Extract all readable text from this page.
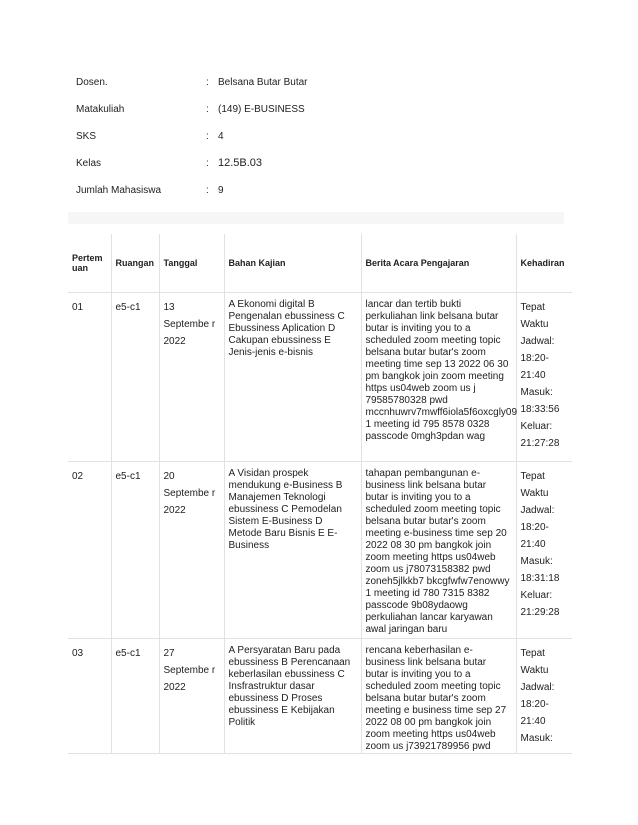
Dosen.	: Belsana Butar Butar
Matakuliah	: (149) E-BUSINESS
SKS	: 4
Kelas	: 12.5B.03
Jumlah Mahasiswa	: 9
Pertem uan	Ruangan	Tanggal	Bahan Kajian	Berita Acara Pengajaran	Kehadiran
01	e5-c1	13 Septembe r 2022	A Ekonomi digital B Pengenalan ebussiness C Ebussiness Aplication D Cakupan ebussiness E Jenis-jenis e-bisnis	lancar dan tertib bukti perkuliahan link belsana butar butar is inviting you to a scheduled zoom meeting topic belsana butar butar's zoom meeting time sep 13 2022 06 30 pm bangkok join zoom meeting https us04web zoom us j 79585780328 pwd mccnhuwrv7mwff6iola5f6oxcgly09 1 meeting id 795 8578 0328 passcode 0mgh3pdan wag	Tepat Waktu Jadwal: 18:20- 21:40 Masuk: 18:33:56 Keluar: 21:27:28
02	e5-c1	20 Septembe r 2022	A Visidan prospek mendukung e-Business B Manajemen Teknologi ebussiness C Pemodelan Sistem E-Business D Metode Baru Bisnis E E- Business	tahapan pembangunan e-business link belsana butar butar is inviting you to a scheduled zoom meeting topic belsana butar butar's zoom meeting e-business time sep 20 2022 08 30 pm bangkok join zoom meeting https us04web zoom us j78073158382 pwd zoneh5jlkkb7 bkcgfwfw7enowwy 1 meeting id 780 7315 8382 passcode 9b08ydaowg perkuliahan lancar karyawan awal jaringan baru	Tepat Waktu Jadwal: 18:20- 21:40 Masuk: 18:31:18 Keluar: 21:29:28
03	e5-c1	27 Septembe r 2022	A Persyaratan Baru pada ebussiness B Perencanaan keberlasilan ebussiness C Insfrastruktur dasar ebussiness D Proses ebussiness E Kebijakan Politik	rencana keberhasilan e-business link belsana butar butar is inviting you to a scheduled zoom meeting topic belsana butar butar's zoom meeting e business time sep 27 2022 08 00 pm bangkok join zoom meeting https us04web zoom us j73921789956 pwd	Tepat Waktu Jadwal: 18:20- 21:40 Masuk:
